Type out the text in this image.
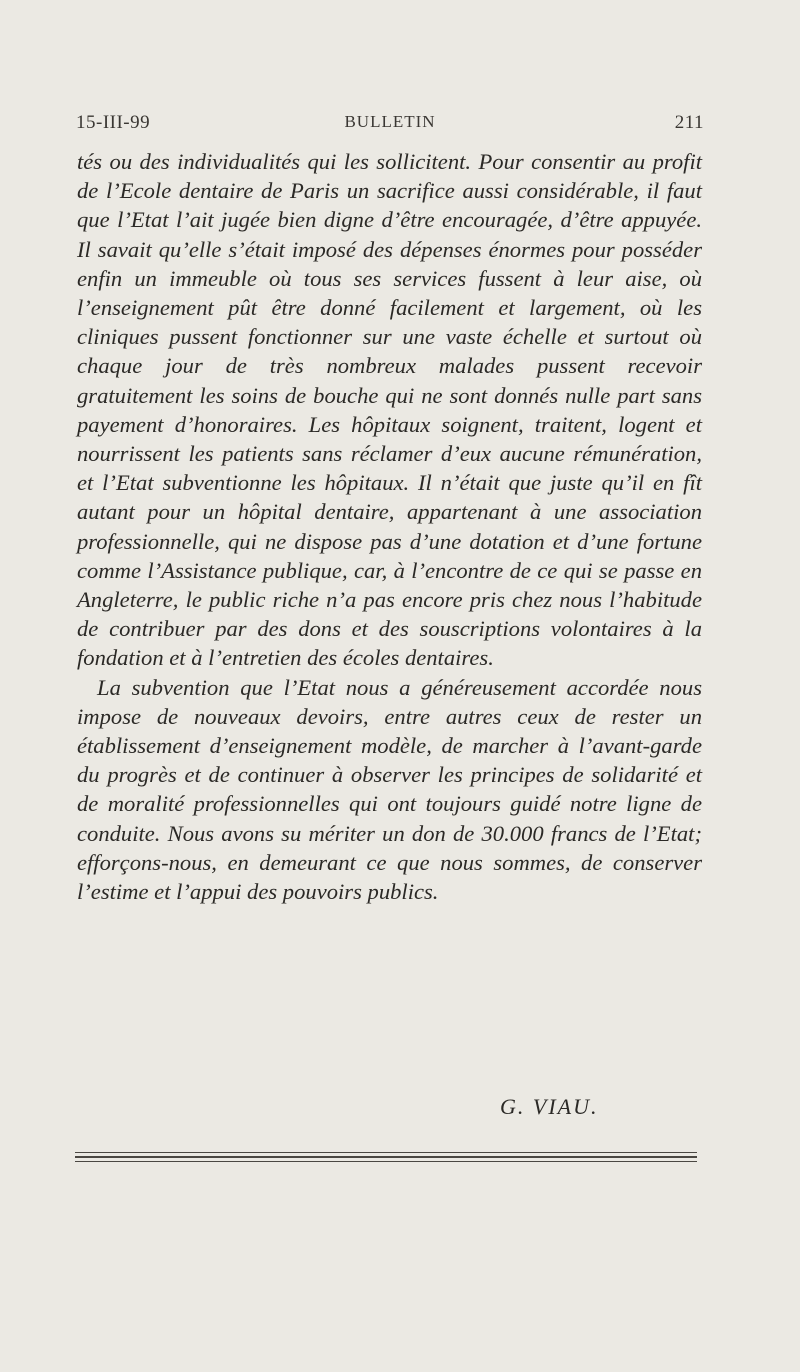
15-III-99	BULLETIN	211

tés ou des individualités qui les sollicitent. Pour consentir au profit de l’Ecole dentaire de Paris un sacrifice aussi considérable, il faut que l’Etat l’ait jugée bien digne d’être encouragée, d’être appuyée. Il savait qu’elle s’était imposé des dépenses énormes pour posséder enfin un immeuble où tous ses services fussent à leur aise, où l’enseignement pût être donné facilement et largement, où les cliniques pussent fonctionner sur une vaste échelle et surtout où chaque jour de très nombreux malades pussent recevoir gratuitement les soins de bouche qui ne sont donnés nulle part sans payement d’honoraires. Les hôpitaux soignent, traitent, logent et nourrissent les patients sans réclamer d’eux aucune rémunération, et l’Etat subventionne les hôpitaux. Il n’était que juste qu’il en fît autant pour un hôpital dentaire, appartenant à une association professionnelle, qui ne dispose pas d’une dotation et d’une fortune comme l’Assistance publique, car, à l’encontre de ce qui se passe en Angleterre, le public riche n’a pas encore pris chez nous l’habitude de contribuer par des dons et des souscriptions volontaires à la fondation et à l’entretien des écoles dentaires.

La subvention que l’Etat nous a généreusement accordée nous impose de nouveaux devoirs, entre autres ceux de rester un établissement d’enseignement modèle, de marcher à l’avant-garde du progrès et de continuer à observer les principes de solidarité et de moralité professionnelles qui ont toujours guidé notre ligne de conduite. Nous avons su mériter un don de 30.000 francs de l’Etat; efforçons-nous, en demeurant ce que nous sommes, de conserver l’estime et l’appui des pouvoirs publics.

G. VIAU.
